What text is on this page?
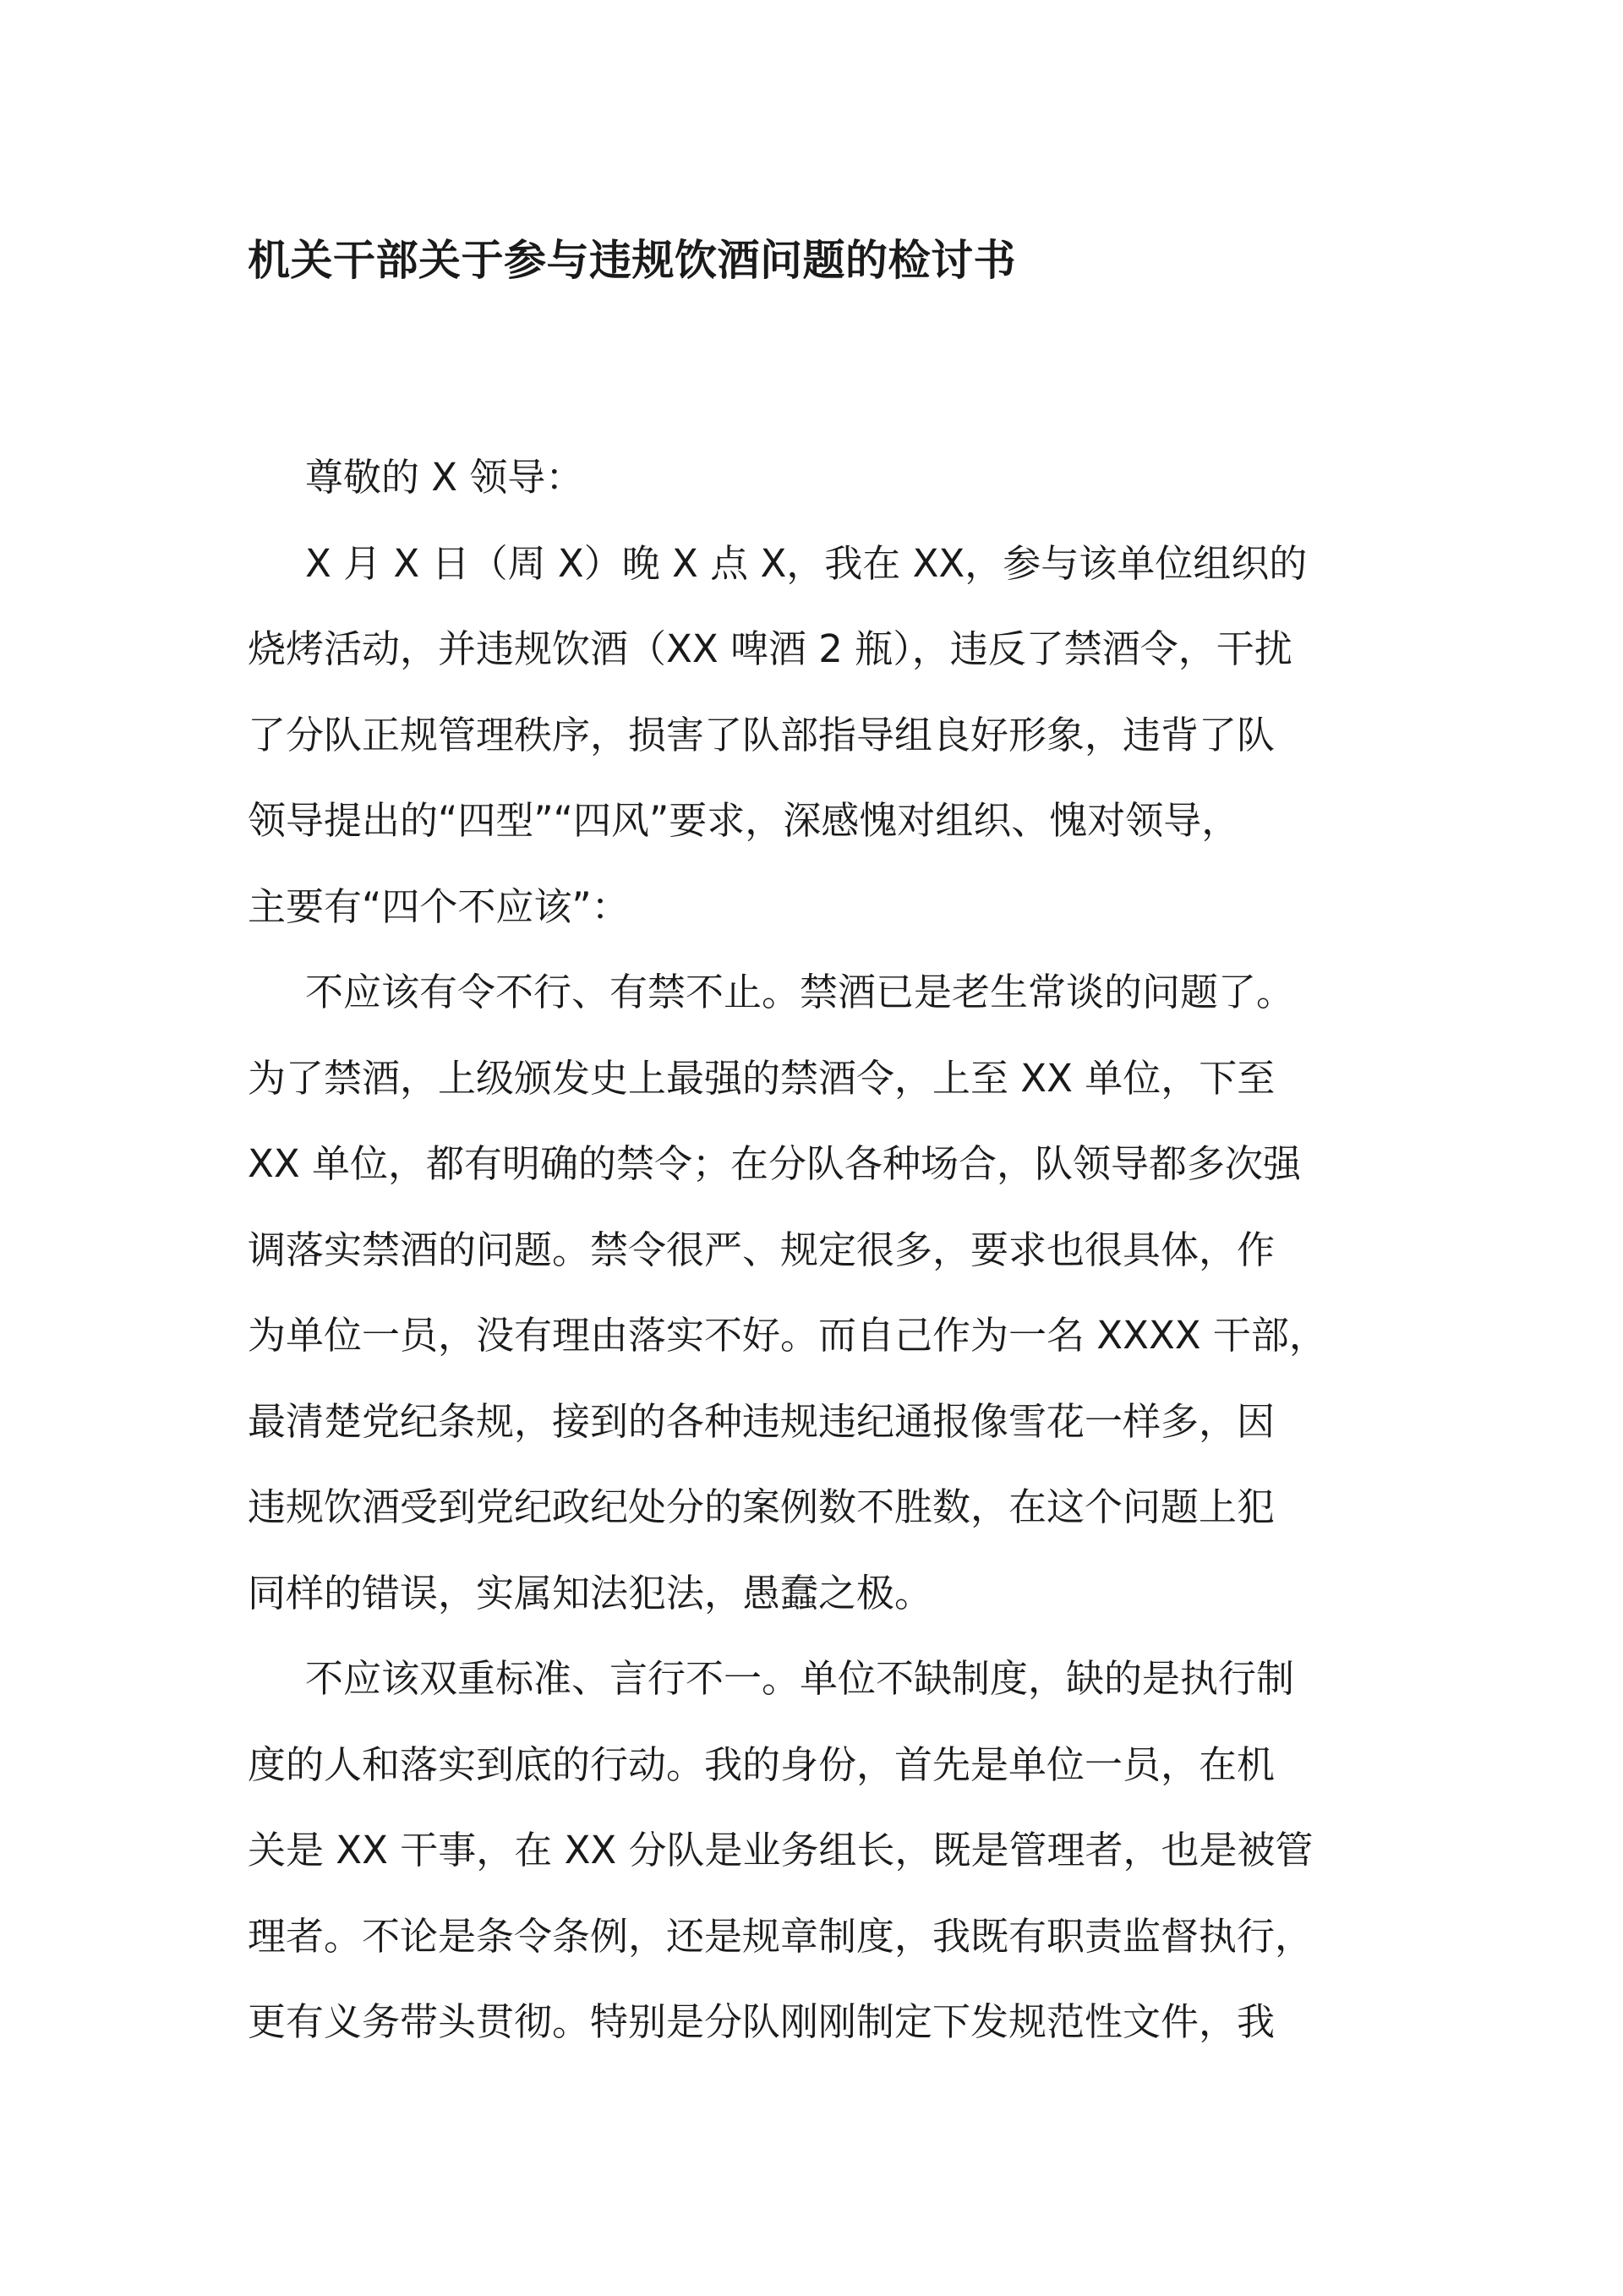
机关干部关于参与违规饮酒问题的检讨书
尊敬的 X 领导：
X 月 X 日（周 X）晚 X 点 X，我在 XX，参与该单位组织的
烧烤活动，并违规饮酒（XX 啤酒 2 瓶），违反了禁酒令，干扰
了分队正规管理秩序，损害了队部指导组良好形象，违背了队
领导提出的“四型”“四风”要求，深感愧对组织、愧对领导，
主要有“四个不应该”：
不应该有令不行、有禁不止。禁酒已是老生常谈的问题了。
为了禁酒，上级颁发史上最强的禁酒令，上至 XX 单位，下至
XX 单位，都有明确的禁令；在分队各种场合，队领导都多次强
调落实禁酒的问题。禁令很严、规定很多，要求也很具体，作
为单位一员，没有理由落实不好。而自己作为一名 XXXX 干部，
最清楚党纪条规，接到的各种违规违纪通报像雪花一样多，因
违规饮酒受到党纪政纪处分的案例数不胜数，在这个问题上犯
同样的错误，实属知法犯法，愚蠢之极。
不应该双重标准、言行不一。单位不缺制度，缺的是执行制
度的人和落实到底的行动。我的身份，首先是单位一员，在机
关是 XX 干事，在 XX 分队是业务组长，既是管理者，也是被管
理者。不论是条令条例，还是规章制度，我既有职责监督执行，
更有义务带头贯彻。特别是分队刚刚制定下发规范性文件，我
